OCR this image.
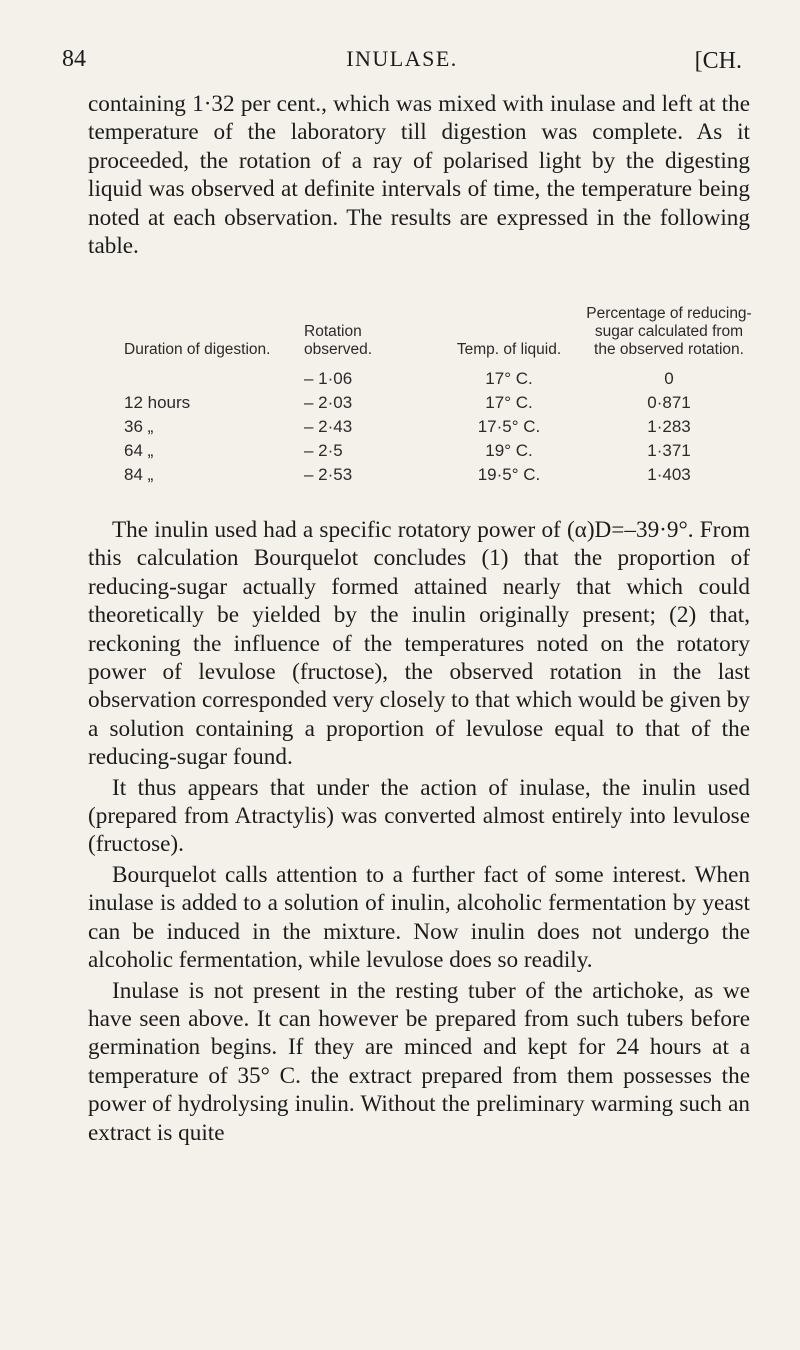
84	INULASE.	[CH.
containing 1·32 per cent., which was mixed with inulase and left at the temperature of the laboratory till digestion was complete. As it proceeded, the rotation of a ray of polarised light by the digesting liquid was observed at definite intervals of time, the temperature being noted at each observation. The results are expressed in the following table.
Duration of digestion.	Rotation observed.	Temp. of liquid.	Percentage of reducing-sugar calculated from the observed rotation.
	– 1·06	17° C.	0
12 hours	– 2·03	17° C.	0·871
36 „	– 2·43	17·5° C.	1·283
64 „	– 2·5	19° C.	1·371
84 „	– 2·53	19·5° C.	1·403

The inulin used had a specific rotatory power of (α)D=–39·9°. From this calculation Bourquelot concludes (1) that the proportion of reducing-sugar actually formed attained nearly that which could theoretically be yielded by the inulin originally present; (2) that, reckoning the influence of the temperatures noted on the rotatory power of levulose (fructose), the observed rotation in the last observation corresponded very closely to that which would be given by a solution containing a proportion of levulose equal to that of the reducing-sugar found.

It thus appears that under the action of inulase, the inulin used (prepared from Atractylis) was converted almost entirely into levulose (fructose).

Bourquelot calls attention to a further fact of some interest. When inulase is added to a solution of inulin, alcoholic fermentation by yeast can be induced in the mixture. Now inulin does not undergo the alcoholic fermentation, while levulose does so readily.

Inulase is not present in the resting tuber of the artichoke, as we have seen above. It can however be prepared from such tubers before germination begins. If they are minced and kept for 24 hours at a temperature of 35° C. the extract prepared from them possesses the power of hydrolysing inulin. Without the preliminary warming such an extract is quite
